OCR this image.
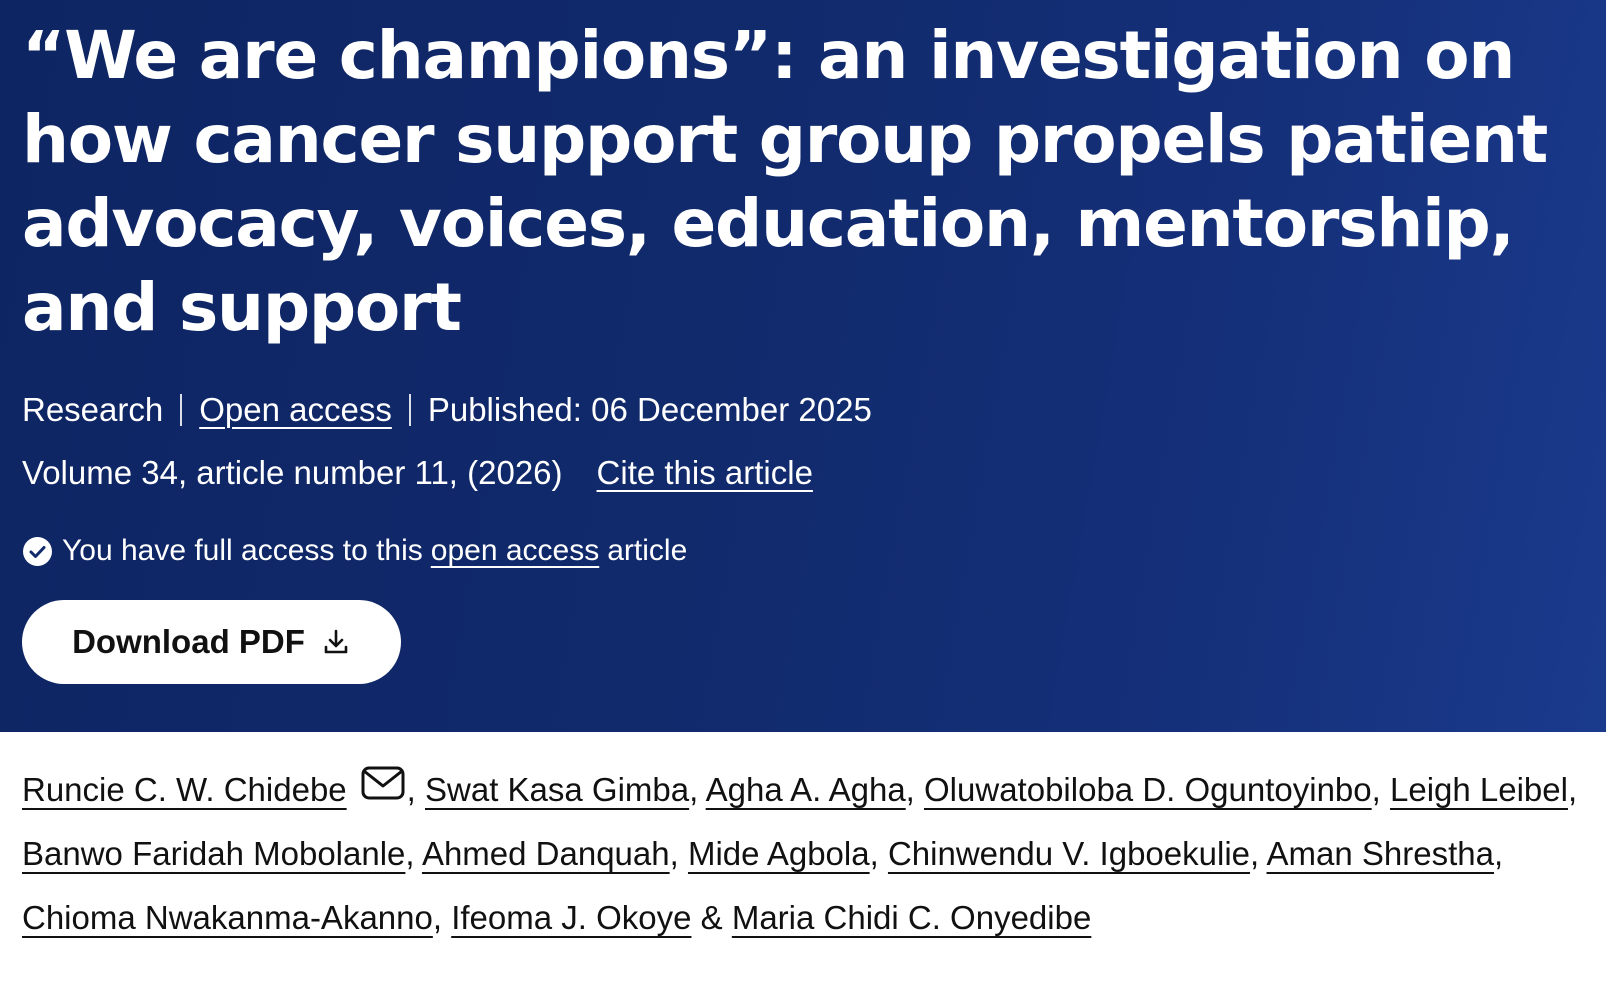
“We are champions”: an investigation on how cancer support group propels patient advocacy, voices, education, mentorship, and support
Research Open access Published: 06 December 2025
Volume 34, article number 11, (2026) Cite this article
You have full access to this open access article
Download PDF
Runcie C. W. Chidebe , Swat Kasa Gimba, Agha A. Agha, Oluwatobiloba D. Oguntoyinbo, Leigh Leibel,
Banwo Faridah Mobolanle, Ahmed Danquah, Mide Agbola, Chinwendu V. Igboekulie, Aman Shrestha,
Chioma Nwakanma-Akanno, Ifeoma J. Okoye & Maria Chidi C. Onyedibe
